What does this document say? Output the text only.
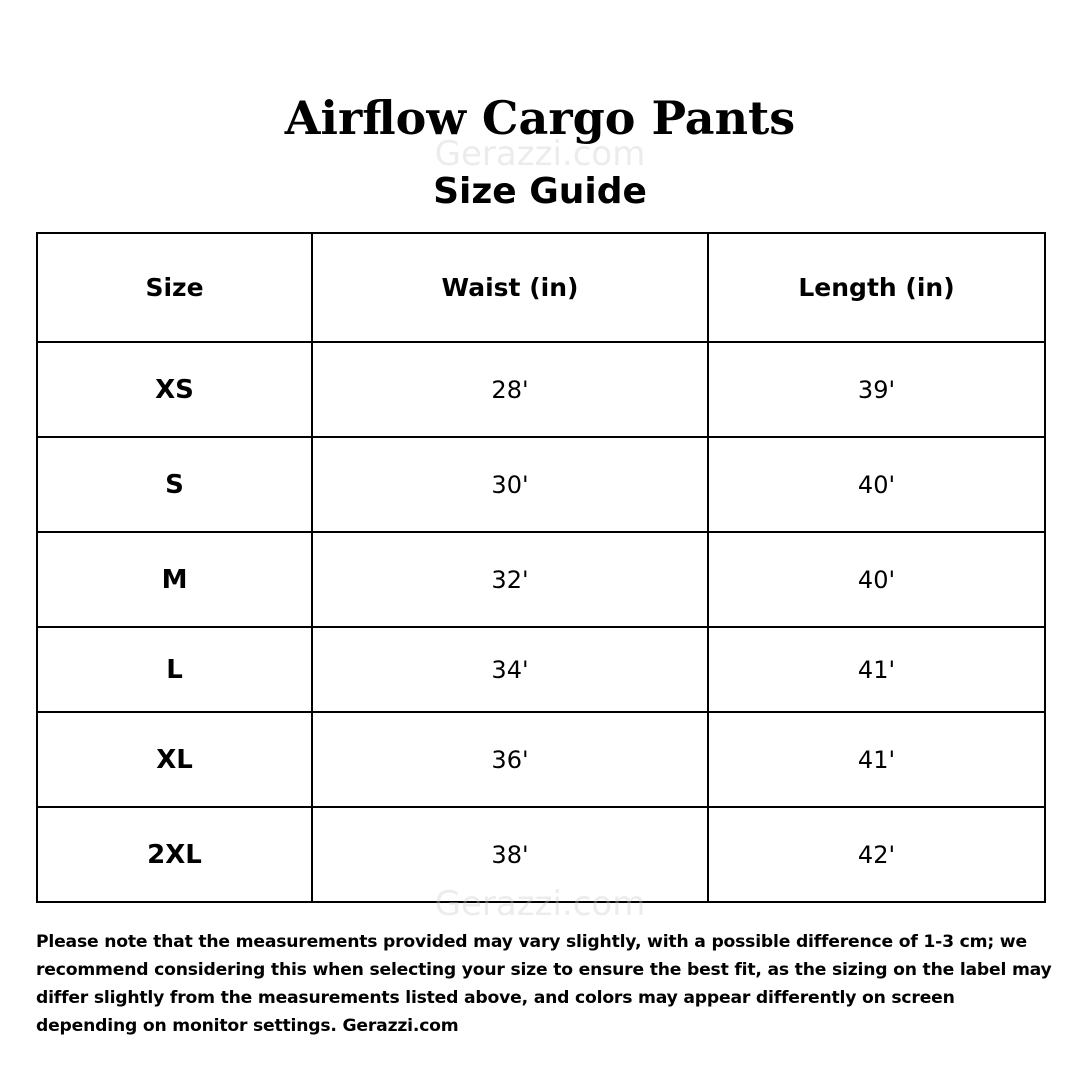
Airflow Cargo Pants
Gerazzi.com
Size Guide
Size	Waist (in)	Length (in)
XS	28'	39'
S	30'	40'
M	32'	40'
L	34'	41'
XL	36'	41'
2XL	38'	42'
Gerazzi.com

Please note that the measurements provided may vary slightly, with a possible difference of 1-3 cm; we recommend considering this when selecting your size to ensure the best fit, as the sizing on the label may differ slightly from the measurements listed above, and colors may appear differently on screen depending on monitor settings. Gerazzi.com
